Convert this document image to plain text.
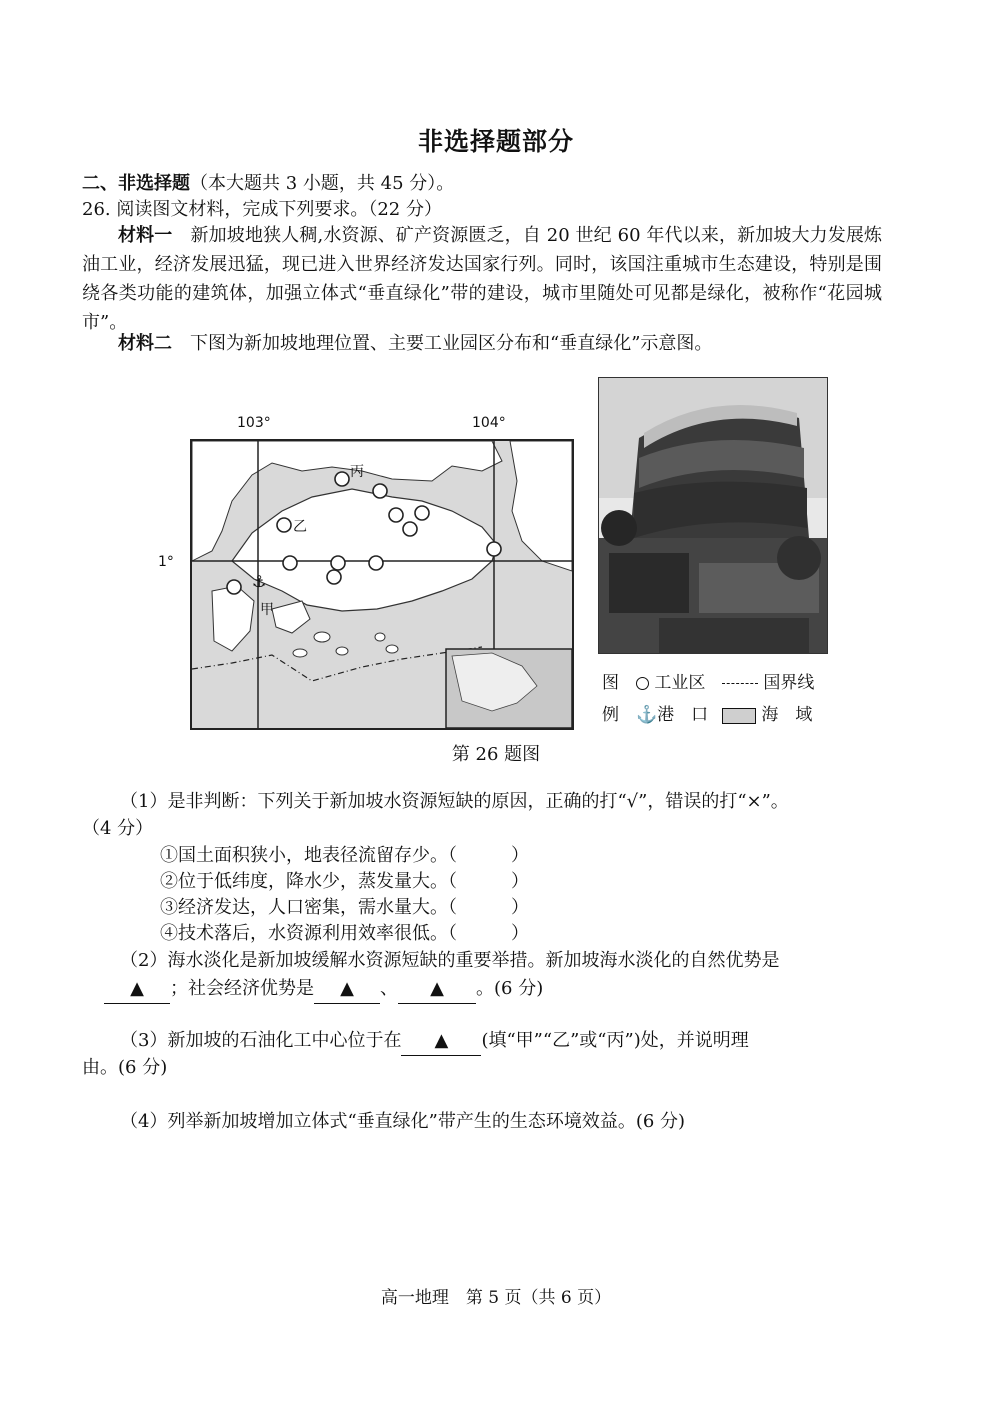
非选择题部分
二、非选择题（本大题共 3 小题，共 45 分）。
26. 阅读图文材料，完成下列要求。（22 分）
材料一　 新加坡地狭人稠,水资源、矿产资源匮乏，自 20 世纪 60 年代以来，新加坡大力发展炼油工业，经济发展迅猛，现已进入世界经济发达国家行列。同时，该国注重城市生态建设，特别是围绕各类功能的建筑体，加强立体式“垂直绿化”带的建设，城市里随处可见都是绿化，被称作“花园城市”。
材料二　 下图为新加坡地理位置、主要工业园区分布和“垂直绿化”示意图。
103°	104°
1°
⚓
丙
乙
甲
图
例
工业区
⚓港　口
国界线
海　域
第 26 题图
（1）是非判断：下列关于新加坡水资源短缺的原因，正确的打“√”，错误的打“×”。
（4 分）
①国土面积狭小，地表径流留存少。（　　　）
②位于低纬度，降水少，蒸发量大。（　　　）
③经济发达，人口密集，需水量大。（　　　）
④技术落后，水资源利用效率很低。（　　　）
（2）海水淡化是新加坡缓解水资源短缺的重要举措。新加坡海水淡化的自然优势是
▲ ；社会经济优势是 ▲ 、 ▲ 。(6 分)
（3）新加坡的石油化工中心位于在 ▲ (填“甲”“乙”或“丙”)处，并说明理
由。(6 分)
（4）列举新加坡增加立体式“垂直绿化”带产生的生态环境效益。(6 分)
高一地理　第 5 页（共 6 页）
